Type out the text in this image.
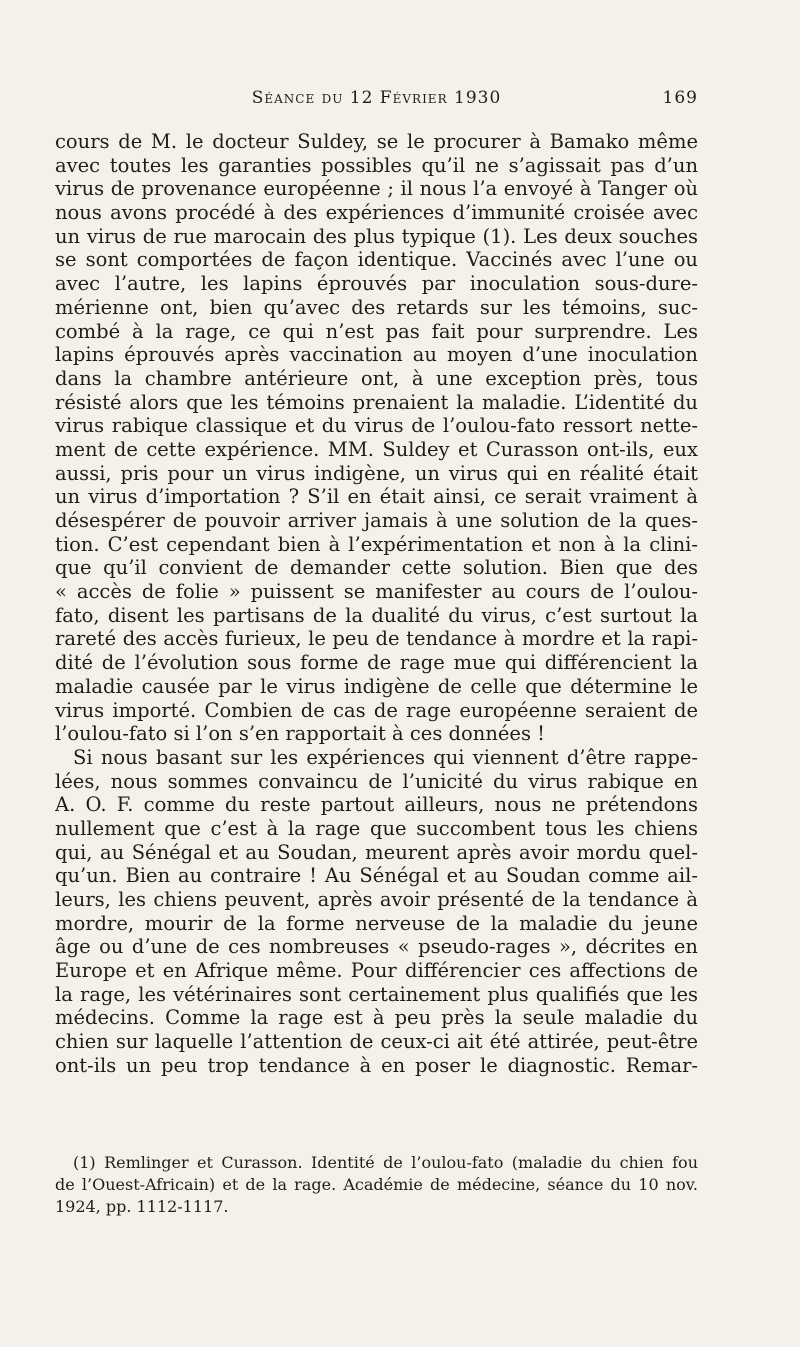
Séance du 12 Février 1930	169
cours de M. le docteur Suldey, se le procurer à Bamako même
avec toutes les garanties possibles qu’il ne s’agissait pas d’un
virus de provenance européenne ; il nous l’a envoyé à Tanger où
nous avons procédé à des expériences d’immunité croisée avec
un virus de rue marocain des plus typique (1). Les deux souches
se sont comportées de façon identique. Vaccinés avec l’une ou
avec l’autre, les lapins éprouvés par inoculation sous-dure-
mérienne ont, bien qu’avec des retards sur les témoins, suc-
combé à la rage, ce qui n’est pas fait pour surprendre. Les
lapins éprouvés après vaccination au moyen d’une inoculation
dans la chambre antérieure ont, à une exception près, tous
résisté alors que les témoins prenaient la maladie. L’identité du
virus rabique classique et du virus de l’oulou-fato ressort nette-
ment de cette expérience. MM. Suldey et Curasson ont-ils, eux
aussi, pris pour un virus indigène, un virus qui en réalité était
un virus d’importation ? S’il en était ainsi, ce serait vraiment à
désespérer de pouvoir arriver jamais à une solution de la ques-
tion. C’est cependant bien à l’expérimentation et non à la clini-
que qu’il convient de demander cette solution. Bien que des
« accès de folie » puissent se manifester au cours de l’oulou-
fato, disent les partisans de la dualité du virus, c’est surtout la
rareté des accès furieux, le peu de tendance à mordre et la rapi-
dité de l’évolution sous forme de rage mue qui différencient la
maladie causée par le virus indigène de celle que détermine le
virus importé. Combien de cas de rage européenne seraient de
l’oulou-fato si l’on s’en rapportait à ces données !
Si nous basant sur les expériences qui viennent d’être rappe-
lées, nous sommes convaincu de l’unicité du virus rabique en
A. O. F. comme du reste partout ailleurs, nous ne prétendons
nullement que c’est à la rage que succombent tous les chiens
qui, au Sénégal et au Soudan, meurent après avoir mordu quel-
qu’un. Bien au contraire ! Au Sénégal et au Soudan comme ail-
leurs, les chiens peuvent, après avoir présenté de la tendance à
mordre, mourir de la forme nerveuse de la maladie du jeune
âge ou d’une de ces nombreuses « pseudo-rages », décrites en
Europe et en Afrique même. Pour différencier ces affections de
la rage, les vétérinaires sont certainement plus qualifiés que les
médecins. Comme la rage est à peu près la seule maladie du
chien sur laquelle l’attention de ceux-ci ait été attirée, peut-être
ont-ils un peu trop tendance à en poser le diagnostic. Remar-
(1) Remlinger et Curasson. Identité de l’oulou-fato (maladie du chien fou
de l’Ouest-Africain) et de la rage. Académie de médecine, séance du 10 nov.
1924, pp. 1112-1117.
